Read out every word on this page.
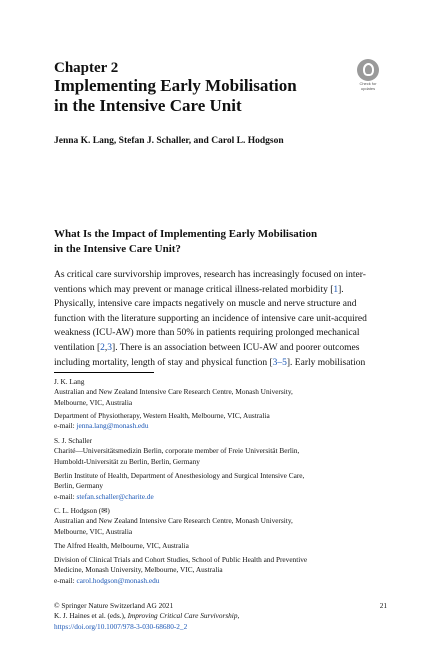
Chapter 2
Implementing Early Mobilisation
in the Intensive Care Unit
Check for
updates
Jenna K. Lang, Stefan J. Schaller, and Carol L. Hodgson
What Is the Impact of Implementing Early Mobilisation
in the Intensive Care Unit?
As critical care survivorship improves, research has increasingly focused on inter-
ventions which may prevent or manage critical illness-related morbidity [1].
Physically, intensive care impacts negatively on muscle and nerve structure and
function with the literature supporting an incidence of intensive care unit-acquired
weakness (ICU-AW) more than 50% in patients requiring prolonged mechanical
ventilation [2,3]. There is an association between ICU-AW and poorer outcomes
including mortality, length of stay and physical function [3–5]. Early mobilisation
J. K. Lang
Australian and New Zealand Intensive Care Research Centre, Monash University,
Melbourne, VIC, Australia
Department of Physiotherapy, Western Health, Melbourne, VIC, Australia
e-mail: jenna.lang@monash.edu
S. J. Schaller
Charité—Universitätsmedizin Berlin, corporate member of Freie Universität Berlin,
Humboldt-Universität zu Berlin, Berlin, Germany
Berlin Institute of Health, Department of Anesthesiology and Surgical Intensive Care,
Berlin, Germany
e-mail: stefan.schaller@charite.de
C. L. Hodgson (✉)
Australian and New Zealand Intensive Care Research Centre, Monash University,
Melbourne, VIC, Australia
The Alfred Health, Melbourne, VIC, Australia
Division of Clinical Trials and Cohort Studies, School of Public Health and Preventive
Medicine, Monash University, Melbourne, VIC, Australia
e-mail: carol.hodgson@monash.edu
© Springer Nature Switzerland AG 2021	21
K. J. Haines et al. (eds.), Improving Critical Care Survivorship,
https://doi.org/10.1007/978-3-030-68680-2_2
